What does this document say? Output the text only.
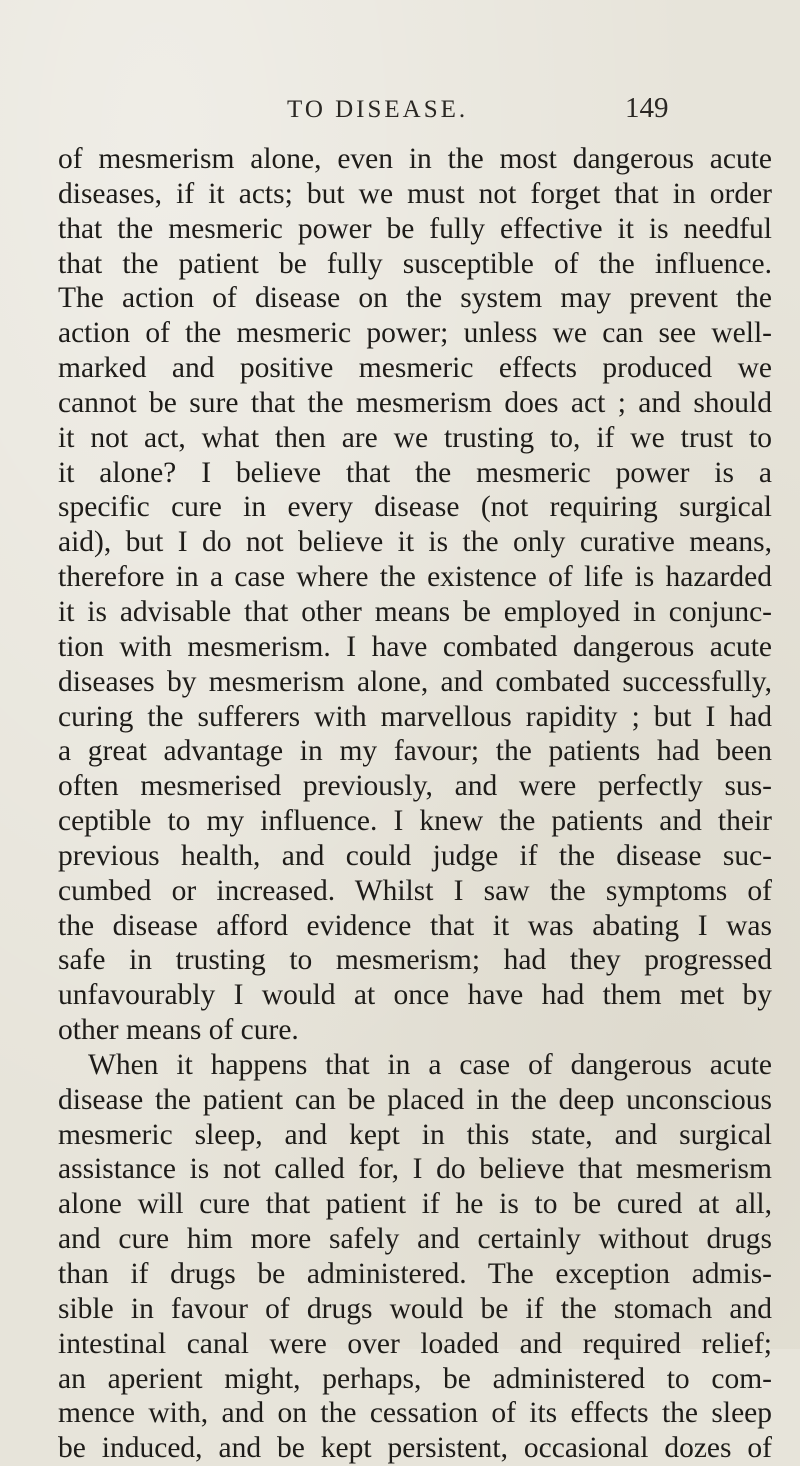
TO DISEASE.	149
of mesmerism alone, even in the most dangerous acute
diseases, if it acts; but we must not forget that in order
that the mesmeric power be fully effective it is needful
that the patient be fully susceptible of the influence.
The action of disease on the system may prevent the
action of the mesmeric power; unless we can see well-
marked and positive mesmeric effects produced we
cannot be sure that the mesmerism does act ; and should
it not act, what then are we trusting to, if we trust to
it alone? I believe that the mesmeric power is a
specific cure in every disease (not requiring surgical
aid), but I do not believe it is the only curative means,
therefore in a case where the existence of life is hazarded
it is advisable that other means be employed in conjunc-
tion with mesmerism. I have combated dangerous acute
diseases by mesmerism alone, and combated successfully,
curing the sufferers with marvellous rapidity ; but I had
a great advantage in my favour; the patients had been
often mesmerised previously, and were perfectly sus-
ceptible to my influence. I knew the patients and their
previous health, and could judge if the disease suc-
cumbed or increased. Whilst I saw the symptoms of
the disease afford evidence that it was abating I was
safe in trusting to mesmerism; had they progressed
unfavourably I would at once have had them met by
other means of cure.
When it happens that in a case of dangerous acute
disease the patient can be placed in the deep unconscious
mesmeric sleep, and kept in this state, and surgical
assistance is not called for, I do believe that mesmerism
alone will cure that patient if he is to be cured at all,
and cure him more safely and certainly without drugs
than if drugs be administered. The exception admis-
sible in favour of drugs would be if the stomach and
intestinal canal were over loaded and required relief;
an aperient might, perhaps, be administered to com-
mence with, and on the cessation of its effects the sleep
be induced, and be kept persistent, occasional dozes of
